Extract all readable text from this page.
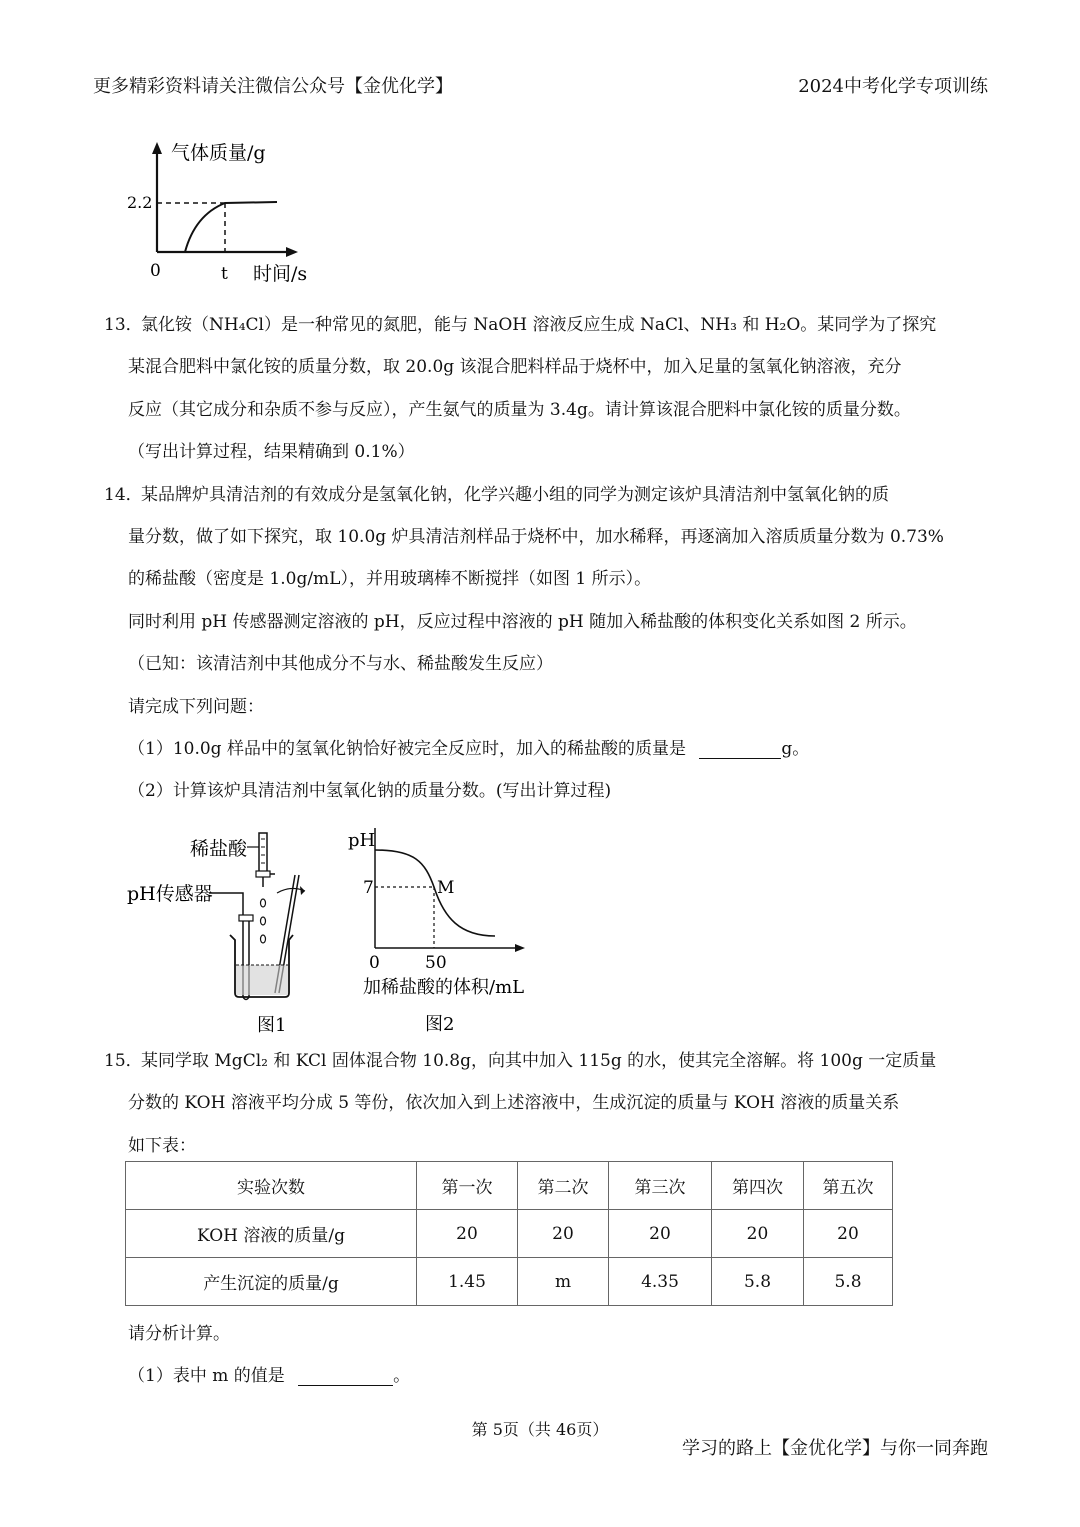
更多精彩资料请关注微信公众号【金优化学】	2024中考化学专项训练
气体质量/g
2.2
0	t 时间/s
13．
氯化铵（NH₄Cl）是一种常见的氮肥，能与 NaOH 溶液反应生成 NaCl、NH₃ 和 H₂O。某同学为了探究
某混合肥料中氯化铵的质量分数，取 20.0g 该混合肥料样品于烧杯中，加入足量的氢氧化钠溶液，充分
反应（其它成分和杂质不参与反应），产生氨气的质量为 3.4g。请计算该混合肥料中氯化铵的质量分数。
（写出计算过程，结果精确到 0.1%）
14．
某品牌炉具清洁剂的有效成分是氢氧化钠，化学兴趣小组的同学为测定该炉具清洁剂中氢氧化钠的质
量分数，做了如下探究，取 10.0g 炉具清洁剂样品于烧杯中，加水稀释，再逐滴加入溶质质量分数为 0.73%
的稀盐酸（密度是 1.0g/mL），并用玻璃棒不断搅拌（如图 1 所示）。
同时利用 pH 传感器测定溶液的 pH，反应过程中溶液的 pH 随加入稀盐酸的体积变化关系如图 2 所示。
（已知：该清洁剂中其他成分不与水、稀盐酸发生反应）
请完成下列问题：
（1）10.0g 样品中的氢氧化钠恰好被完全反应时，加入的稀盐酸的质量是	g。
（2）计算该炉具清洁剂中氢氧化钠的质量分数。(写出计算过程)
稀盐酸
pH传感器
图1
pH
7	M
0	50
加稀盐酸的体积/mL
图2
15．
某同学取 MgCl₂ 和 KCl 固体混合物 10.8g，向其中加入 115g 的水，使其完全溶解。将 100g 一定质量
分数的 KOH 溶液平均分成 5 等份，依次加入到上述溶液中，生成沉淀的质量与 KOH 溶液的质量关系
如下表：
实验次数	第一次	第二次	第三次	第四次	第五次
KOH 溶液的质量/g	20	20	20	20	20
产生沉淀的质量/g	1.45	m	4.35	5.8	5.8
请分析计算。
（1）表中 m 的值是	。
第 5页（共 46页）
学习的路上【金优化学】与你一同奔跑
